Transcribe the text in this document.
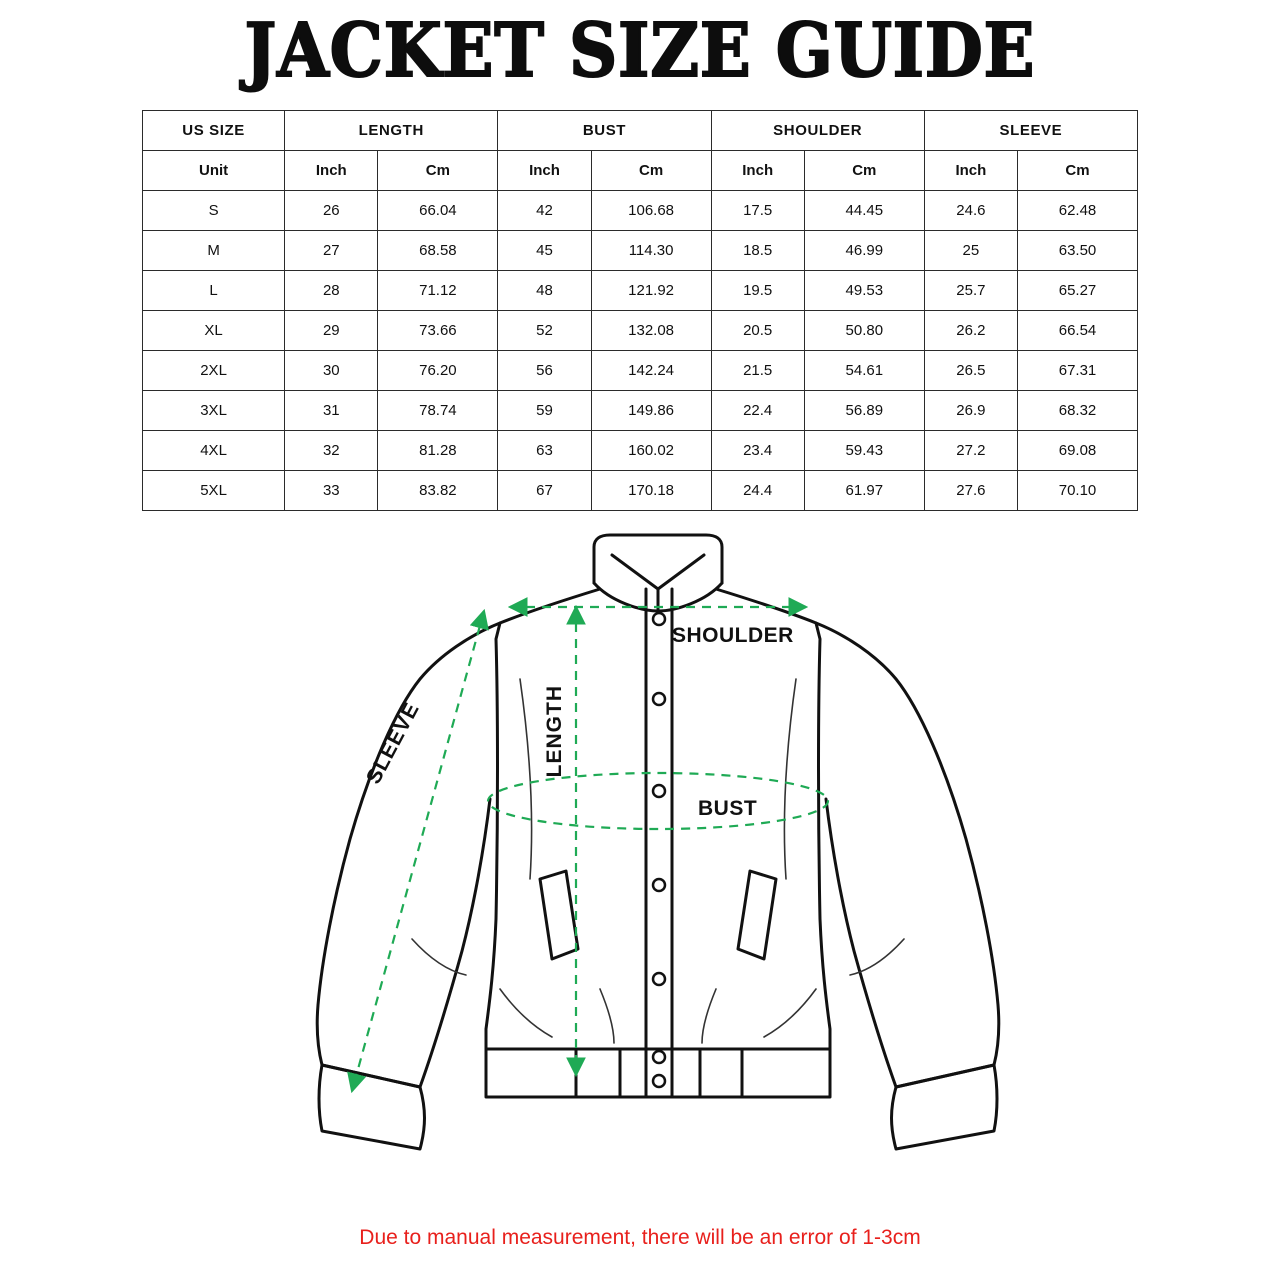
JACKET SIZE GUIDE
US SIZE	LENGTH		BUST		SHOULDER		SLEEVE	
Unit	Inch	Cm	Inch	Cm	Inch	Cm	Inch	Cm
S	26	66.04	42	106.68	17.5	44.45	24.6	62.48
M	27	68.58	45	114.30	18.5	46.99	25	63.50
L	28	71.12	48	121.92	19.5	49.53	25.7	65.27
XL	29	73.66	52	132.08	20.5	50.80	26.2	66.54
2XL	30	76.20	56	142.24	21.5	54.61	26.5	67.31
3XL	31	78.74	59	149.86	22.4	56.89	26.9	68.32
4XL	32	81.28	63	160.02	23.4	59.43	27.2	69.08
5XL	33	83.82	67	170.18	24.4	61.97	27.6	70.10
SHOULDER
BUST
LENGTH
SLEEVE
Due to manual measurement, there will be an error of 1-3cm
